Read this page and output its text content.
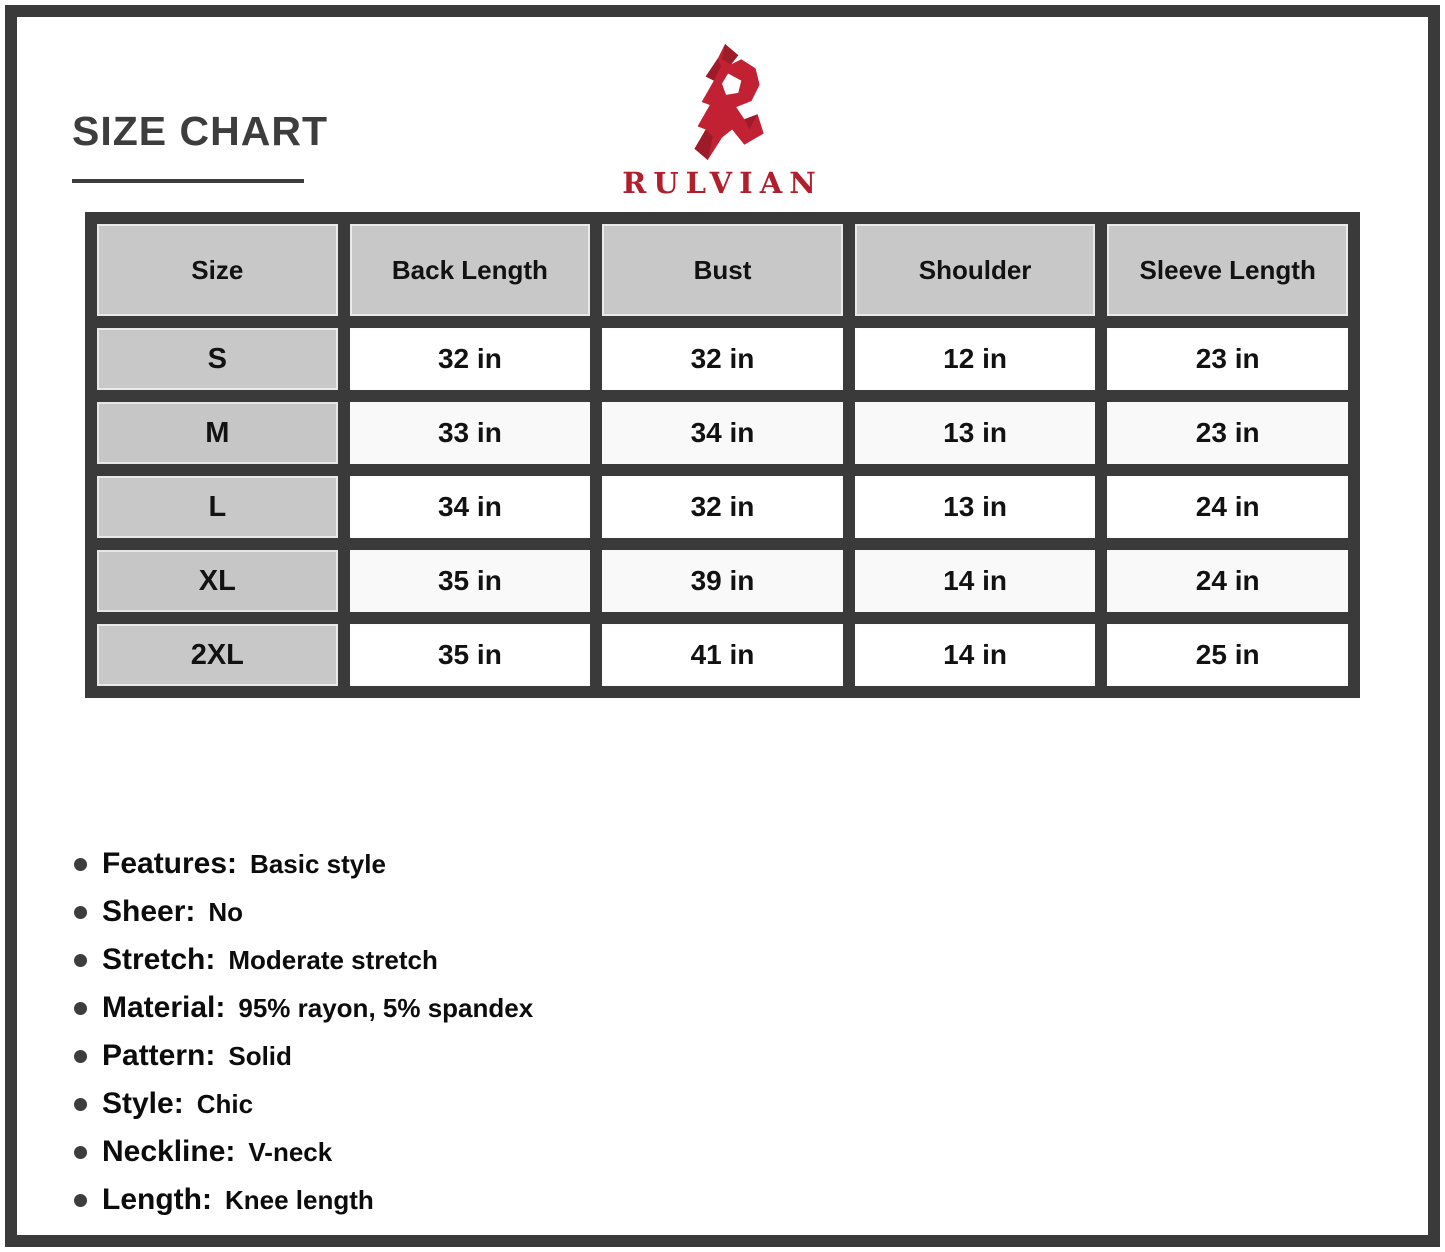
SIZE CHART
RULVIAN
Size	Back Length	Bust	Shoulder	Sleeve Length
S	32 in	32 in	12 in	23 in
M	33 in	34 in	13 in	23 in
L	34 in	32 in	13 in	24 in
XL	35 in	39 in	14 in	24 in
2XL	35 in	41 in	14 in	25 in
Features: Basic style
Sheer: No
Stretch: Moderate stretch
Material: 95% rayon, 5% spandex
Pattern: Solid
Style: Chic
Neckline: V-neck
Length: Knee length
